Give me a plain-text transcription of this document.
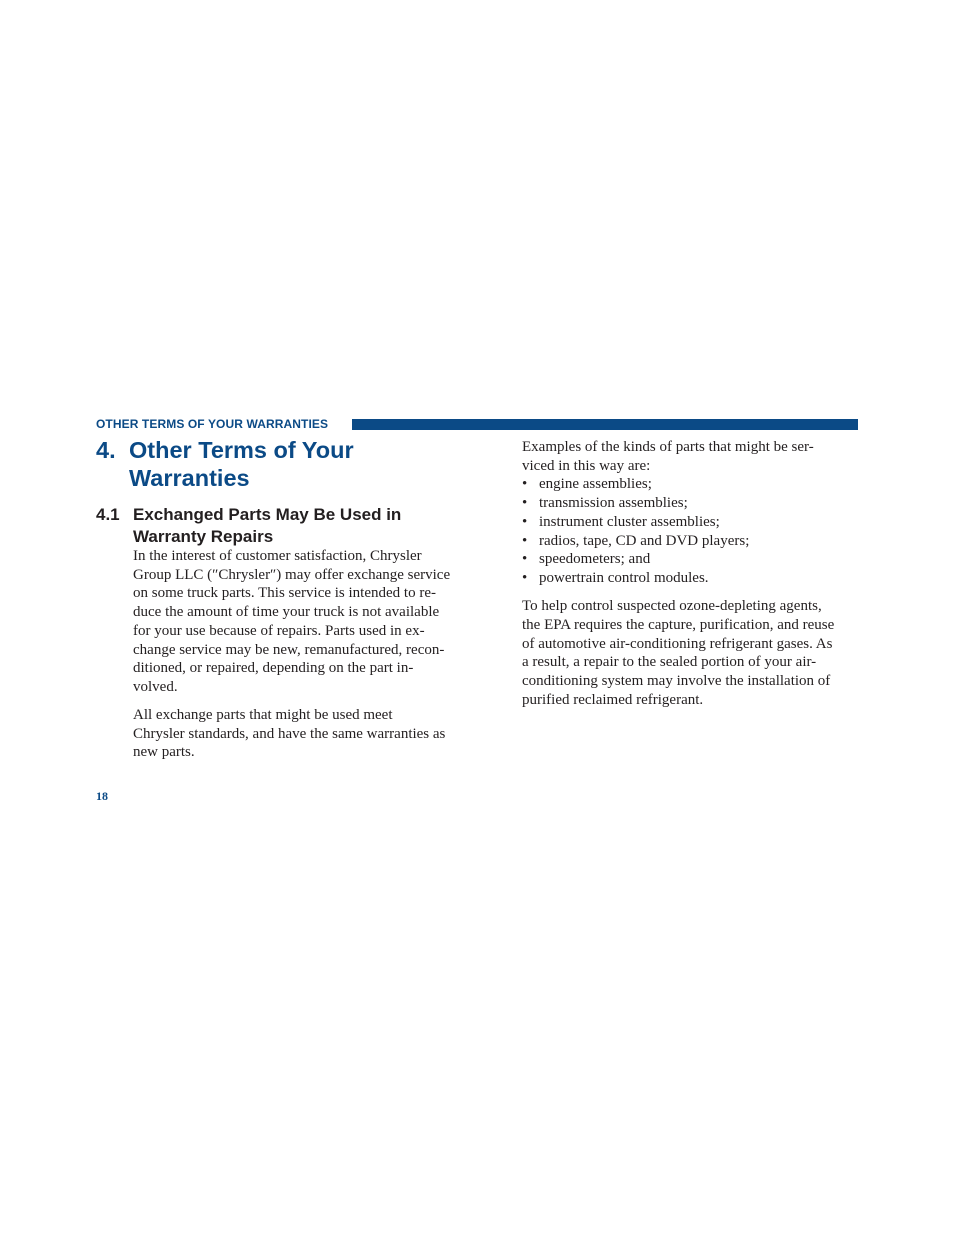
OTHER TERMS OF YOUR WARRANTIES
4. Other Terms of Your
Warranties
4.1 Exchanged Parts May Be Used in
Warranty Repairs

In the interest of customer satisfaction, Chrysler
Group LLC (″Chrysler″) may offer exchange service
on some truck parts. This service is intended to re-
duce the amount of time your truck is not available
for your use because of repairs. Parts used in ex-
change service may be new, remanufactured, recon-
ditioned, or repaired, depending on the part in-
volved.

All exchange parts that might be used meet
Chrysler standards, and have the same warranties as
new parts.

Examples of the kinds of parts that might be ser-
viced in this way are:

• engine assemblies;
• transmission assemblies;
• instrument cluster assemblies;
• radios, tape, CD and DVD players;
• speedometers; and
• powertrain control modules.

To help control suspected ozone-depleting agents,
the EPA requires the capture, purification, and reuse
of automotive air-conditioning refrigerant gases. As
a result, a repair to the sealed portion of your air-
conditioning system may involve the installation of
purified reclaimed refrigerant.

18
